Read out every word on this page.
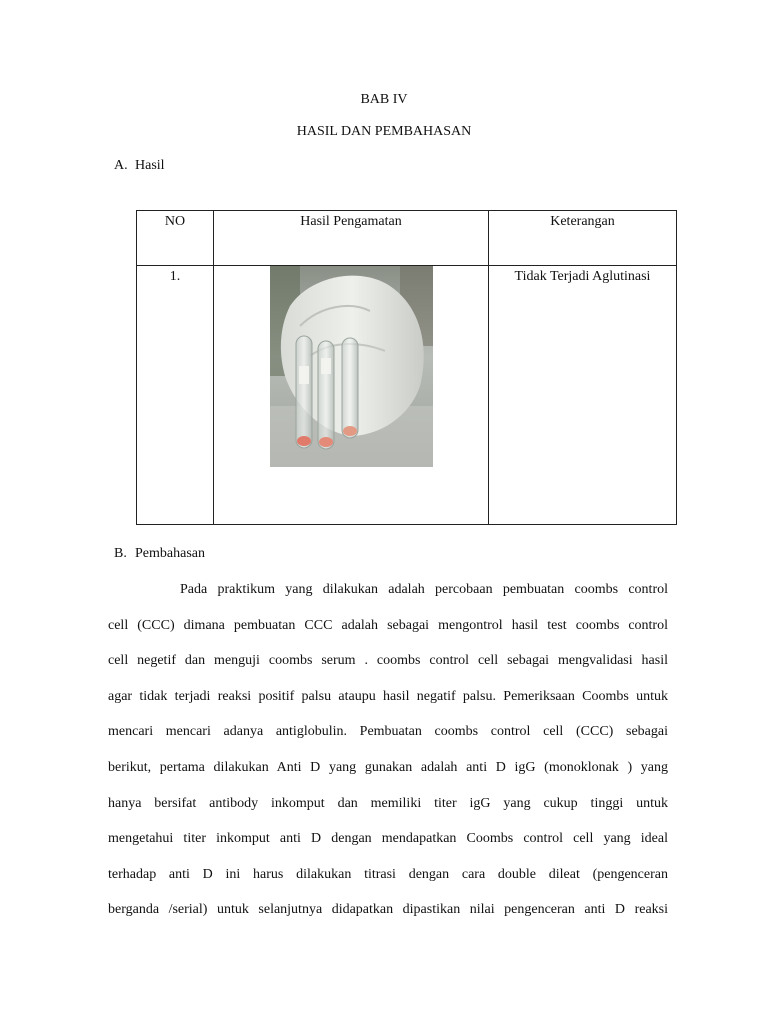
BAB IV
HASIL DAN PEMBAHASAN
A. Hasil
NO	Hasil Pengamatan	Keterangan
1.		Tidak Terjadi Aglutinasi
B. Pembahasan
Pada praktikum yang dilakukan adalah percobaan pembuatan coombs control
cell (CCC) dimana pembuatan CCC adalah sebagai mengontrol hasil test coombs control
cell negetif dan menguji coombs serum . coombs control cell sebagai mengvalidasi hasil
agar tidak terjadi reaksi positif palsu ataupu hasil negatif palsu. Pemeriksaan Coombs untuk
mencari mencari adanya antiglobulin. Pembuatan coombs control cell (CCC) sebagai
berikut, pertama dilakukan Anti D yang gunakan adalah anti D igG (monoklonak ) yang
hanya bersifat antibody inkomput dan memiliki titer igG yang cukup tinggi untuk
mengetahui titer inkomput anti D dengan mendapatkan Coombs control cell yang ideal
terhadap anti D ini harus dilakukan titrasi dengan cara double dileat (pengenceran
berganda /serial) untuk selanjutnya didapatkan dipastikan nilai pengenceran anti D reaksi
